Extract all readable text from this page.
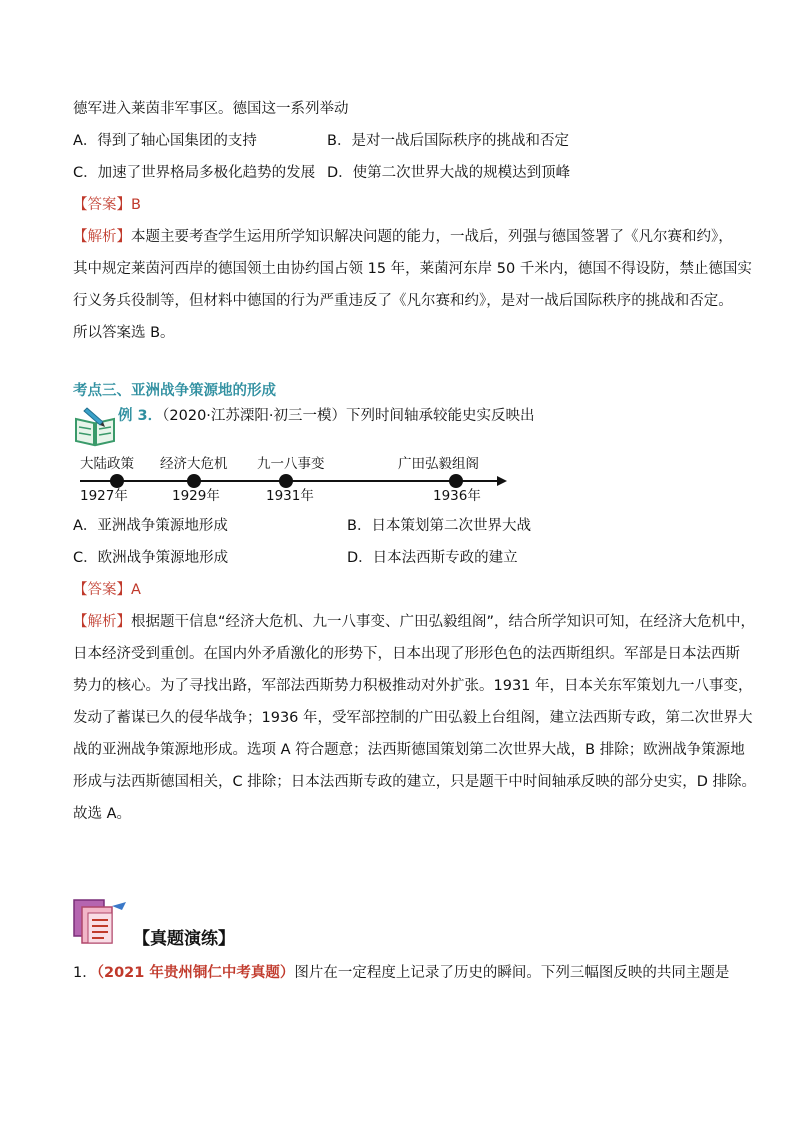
德军进入莱茵非军事区。德国这一系列举动
A．得到了轴心国集团的支持	B．是对一战后国际秩序的挑战和否定
C．加速了世界格局多极化趋势的发展 D．使第二次世界大战的规模达到顶峰
【答案】B
【解析】本题主要考查学生运用所学知识解决问题的能力，一战后，列强与德国签署了《凡尔赛和约》，
其中规定莱茵河西岸的德国领土由协约国占领 15 年，莱菌河东岸 50 千米内，德国不得设防，禁止德国实
行义务兵役制等，但材料中德国的行为严重违反了《凡尔赛和约》，是对一战后国际秩序的挑战和否定。
所以答案选 B。
考点三、亚洲战争策源地的形成
例 3．（2020·江苏溧阳·初三一模）下列时间轴承较能史实反映出
大陆政策 经济大危机 九一八事变	广田弘毅组阁
1927年	1929年	1931年	1936年
A．亚洲战争策源地形成	B．日本策划第二次世界大战
C．欧洲战争策源地形成	D．日本法西斯专政的建立
【答案】A
【解析】根据题干信息“经济大危机、九一八事变、广田弘毅组阁”，结合所学知识可知，在经济大危机中，
日本经济受到重创。在国内外矛盾激化的形势下，日本出现了形形色色的法西斯组织。军部是日本法西斯
势力的核心。为了寻找出路，军部法西斯势力积极推动对外扩张。1931 年，日本关东军策划九一八事变，
发动了蓄谋已久的侵华战争；1936 年，受军部控制的广田弘毅上台组阁，建立法西斯专政，第二次世界大
战的亚洲战争策源地形成。选项 A 符合题意；法西斯德国策划第二次世界大战，B 排除；欧洲战争策源地
形成与法西斯德国相关，C 排除；日本法西斯专政的建立，只是题干中时间轴承反映的部分史实，D 排除。
故选 A。
【真题演练】
1．（2021 年贵州铜仁中考真题）图片在一定程度上记录了历史的瞬间。下列三幅图反映的共同主题是
